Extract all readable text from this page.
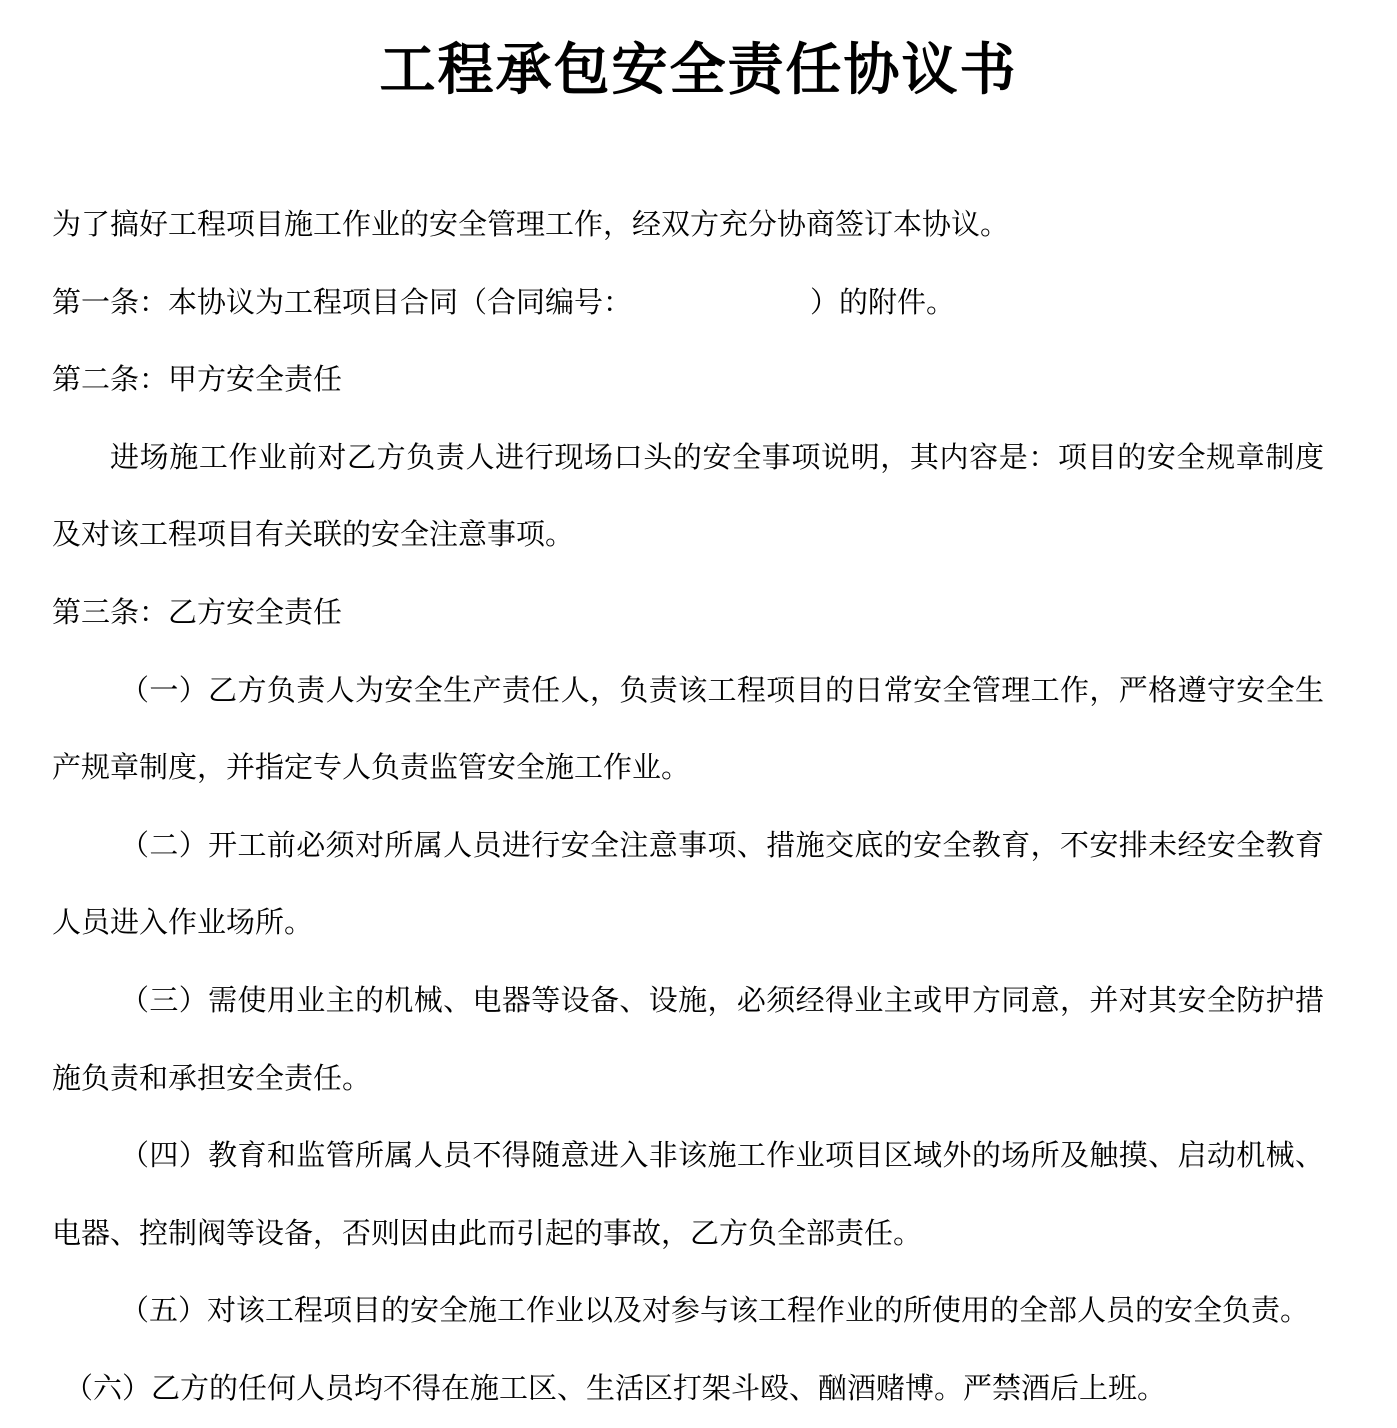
工程承包安全责任协议书

为了搞好工程项目施工作业的安全管理工作，经双方充分协商签订本协议。

第一条：本协议为工程项目合同（合同编号：	）的附件。

第二条：甲方安全责任

进场施工作业前对乙方负责人进行现场口头的安全事项说明，其内容是：项目的安全规章制度及对该工程项目有关联的安全注意事项。

第三条：乙方安全责任

（一）乙方负责人为安全生产责任人，负责该工程项目的日常安全管理工作，严格遵守安全生产规章制度，并指定专人负责监管安全施工作业。

（二）开工前必须对所属人员进行安全注意事项、措施交底的安全教育，不安排未经安全教育人员进入作业场所。

（三）需使用业主的机械、电器等设备、设施，必须经得业主或甲方同意，并对其安全防护措施负责和承担安全责任。

（四）教育和监管所属人员不得随意进入非该施工作业项目区域外的场所及触摸、启动机械、电器、控制阀等设备，否则因由此而引起的事故，乙方负全部责任。

（五）对该工程项目的安全施工作业以及对参与该工程作业的所使用的全部人员的安全负责。

（六）乙方的任何人员均不得在施工区、生活区打架斗殴、酗酒赌博。严禁酒后上班。
